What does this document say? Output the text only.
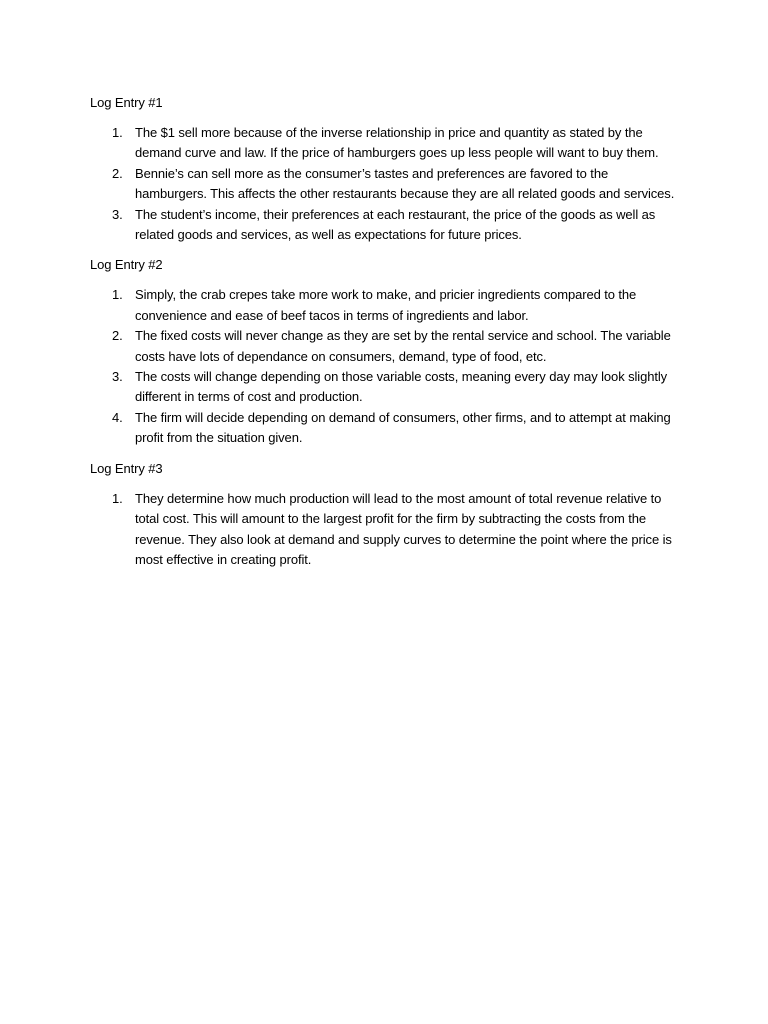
Log Entry #1
1. The $1 sell more because of the inverse relationship in price and quantity as stated by the demand curve and law. If the price of hamburgers goes up less people will want to buy them.
2. Bennie’s can sell more as the consumer’s tastes and preferences are favored to the hamburgers. This affects the other restaurants because they are all related goods and services.
3. The student’s income, their preferences at each restaurant, the price of the goods as well as related goods and services, as well as expectations for future prices.
Log Entry #2
1. Simply, the crab crepes take more work to make, and pricier ingredients compared to the convenience and ease of beef tacos in terms of ingredients and labor.
2. The fixed costs will never change as they are set by the rental service and school. The variable costs have lots of dependance on consumers, demand, type of food, etc.
3. The costs will change depending on those variable costs, meaning every day may look slightly different in terms of cost and production.
4. The firm will decide depending on demand of consumers, other firms, and to attempt at making profit from the situation given.
Log Entry #3
1. They determine how much production will lead to the most amount of total revenue relative to total cost. This will amount to the largest profit for the firm by subtracting the costs from the revenue. They also look at demand and supply curves to determine the point where the price is most effective in creating profit.
